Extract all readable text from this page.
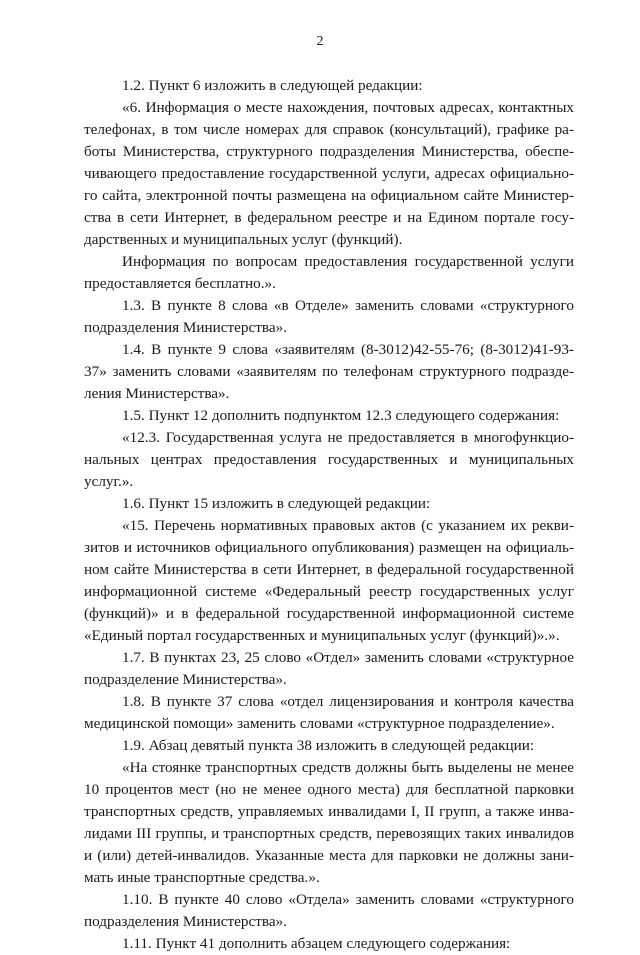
2

1.2. Пункт 6 изложить в следующей редакции:

«6. Информация о месте нахождения, почтовых адресах, контактных телефонах, в том числе номерах для справок (консультаций), графике работы Министерства, структурного подразделения Министерства, обеспечивающего предоставление государственной услуги, адресах официального сайта, электронной почты размещена на официальном сайте Министерства в сети Интернет, в федеральном реестре и на Едином портале государственных и муниципальных услуг (функций).

Информация по вопросам предоставления государственной услуги предоставляется бесплатно.».

1.3. В пункте 8 слова «в Отделе» заменить словами «структурного подразделения Министерства».

1.4. В пункте 9 слова «заявителям (8-3012)42-55-76; (8-3012)41-93-37» заменить словами «заявителям по телефонам структурного подразделения Министерства».

1.5. Пункт 12 дополнить подпунктом 12.3 следующего содержания:

«12.3. Государственная услуга не предоставляется в многофункциональных центрах предоставления государственных и муниципальных услуг.».

1.6. Пункт 15 изложить в следующей редакции:

«15. Перечень нормативных правовых актов (с указанием их реквизитов и источников официального опубликования) размещен на официальном сайте Министерства в сети Интернет, в федеральной государственной информационной системе «Федеральный реестр государственных услуг (функций)» и в федеральной государственной информационной системе «Единый портал государственных и муниципальных услуг (функций)».».

1.7. В пунктах 23, 25 слово «Отдел» заменить словами «структурное подразделение Министерства».

1.8. В пункте 37 слова «отдел лицензирования и контроля качества медицинской помощи» заменить словами «структурное подразделение».

1.9. Абзац девятый пункта 38 изложить в следующей редакции:

«На стоянке транспортных средств должны быть выделены не менее 10 процентов мест (но не менее одного места) для бесплатной парковки транспортных средств, управляемых инвалидами I, II групп, а также инвалидами III группы, и транспортных средств, перевозящих таких инвалидов и (или) детей-инвалидов. Указанные места для парковки не должны занимать иные транспортные средства.».

1.10. В пункте 40 слово «Отдела» заменить словами «структурного подразделения Министерства».

1.11. Пункт 41 дополнить абзацем следующего содержания:
